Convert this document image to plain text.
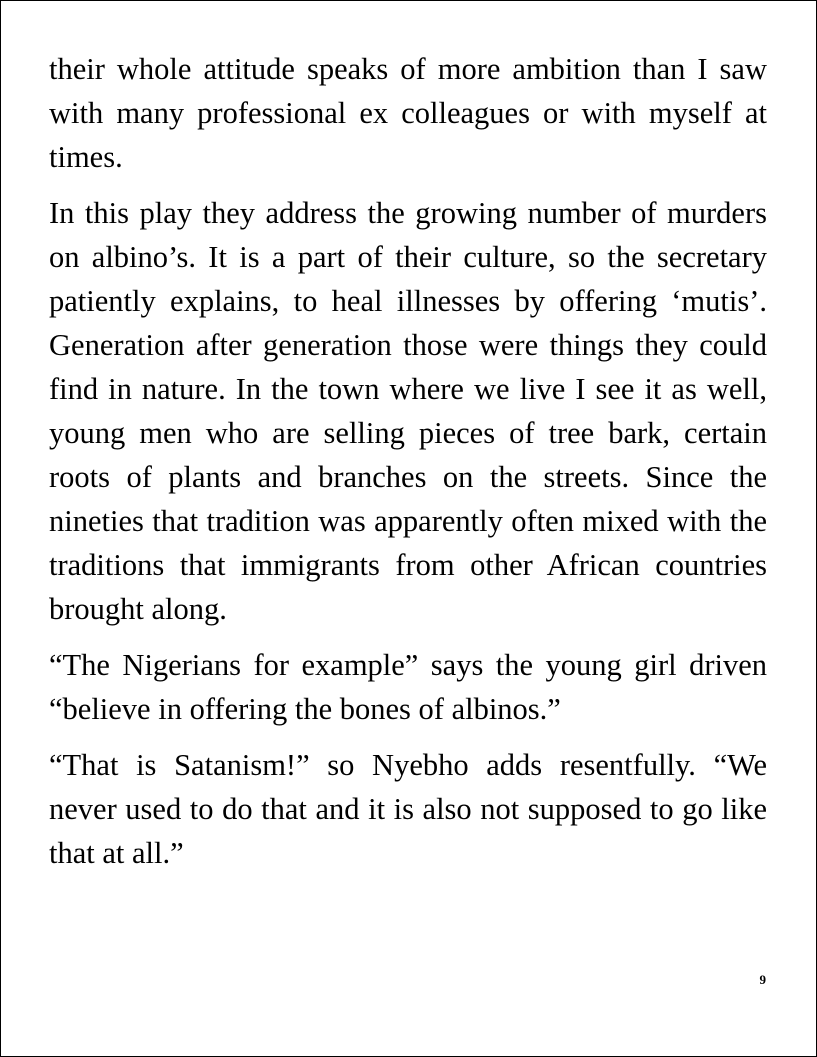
their whole attitude speaks of more ambition than I saw with many professional ex colleagues or with myself at times.

In this play they address the growing number of murders on albino’s. It is a part of their culture, so the secretary patiently explains, to heal illnesses by offering ‘mutis’. Generation after generation those were things they could find in nature. In the town where we live I see it as well, young men who are selling pieces of tree bark, certain roots of plants and branches on the streets. Since the nineties that tradition was apparently often mixed with the traditions that immigrants from other African countries brought along.

“The Nigerians for example” says the young girl driven “believe in offering the bones of albinos.”

“That is Satanism!” so Nyebho adds resentfully. “We never used to do that and it is also not supposed to go like that at all.”

9
